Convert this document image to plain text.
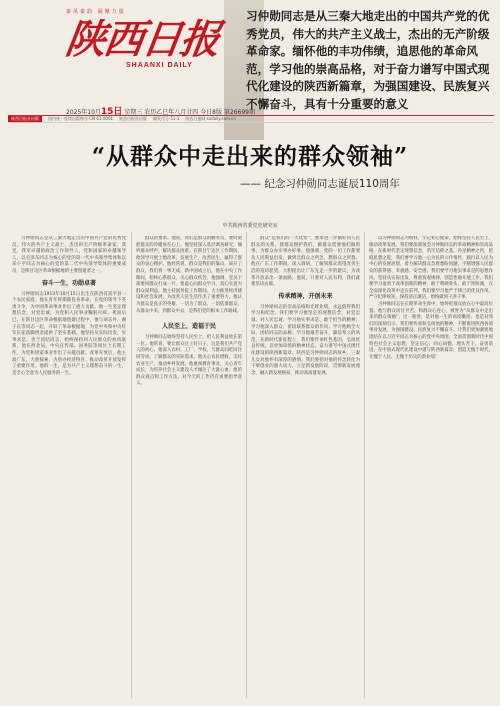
秦风秦韵 凝聚力量
陕西日报
SHAANXI DAILY
2025年10月15日 星期三 农历乙巳年八月廿四 今日8版 第26699期
习仲勋同志是从三秦大地走出的中国共产党的优秀党员，伟大的共产主义战士，杰出的无产阶级革命家。缅怀他的丰功伟绩，追思他的革命风范，学习他的崇高品格，对于奋力谱写中国式现代化建设的陕西新篇章，为强国建设、民族复兴不懈奋斗，具有十分重要的意义
陕西日报社出版	国内统一连续出版物号 CN 61-0001 陕西日报社出版 邮发代号 51-1 陕西日报网 sxdaily.com.cn
“从群众中走出来的群众领袖”
—— 纪念习仲勋同志诞辰110周年
中共陕西省委党史研究室

习仲勋同志是从三秦大地走出的中国共产党的优秀党员，伟大的共产主义战士，杰出的无产阶级革命家，我党、我军卓越的政治工作领导人，党和国家的卓越领导人，以毛泽东同志为核心的党的第一代中央领导集体和以邓小平同志为核心的党的第二代中央领导集体的重要成员，是陕甘边区革命根据地的主要创建者之一。

奋斗一生，功勋卓著

习仲勋同志1913年10月15日出生在陕西省富平县一个农民家庭。他在青年时期就投身革命，在党的领导下英勇斗争，为中国革命事业作出了重大贡献。他一生坚定理想信念，对党忠诚，为党和人民事业鞠躬尽瘁、死而后已。在陕甘边区革命根据地创建过程中，他与刘志丹、谢子长等同志一起，开辟了革命根据地，为党中央和中央红军长征落脚西北提供了坚实基础。他坚持从实际出发，实事求是，善于团结同志，始终保持同人民群众的血肉联系。他在西北局、中央宣传部、国务院等岗位上长期工作，为党和国家事业作出了卓越贡献。改革开放后，他主政广东，大胆探索，为创办经济特区、推动改革开放发挥了重要作用。他的一生，是为共产主义理想奋斗的一生，是全心全意为人民服务的一生。

群众的要求。他说，我们是群众的勤务员，要时刻把群众的冷暖放在心上。他坚持深入基层调查研究，倾听群众呼声，解决群众困难。在陕甘宁边区工作期间，他领导开展土地改革，发展生产，改善民生，赢得了群众的衷心拥护。他经常说，群众是我们的靠山，离开了群众，我们将一事无成。新中国成立后，他在中央工作期间，始终心系群众，关心群众疾苦。他强调，党员干部要同群众打成一片，要虚心向群众学习，真心实意为群众谋利益。他主持国务院工作期间，大力推进经济建设和社会发展，为改善人民生活作出了重要努力。他认为群众是真正的英雄，一切为了群众，一切依靠群众，从群众中来，到群众中去，是我们党的根本工作路线。

人民至上，造福于民

习仲勋同志始终坚持人民至上，把人民利益放在第一位。他常说，要让群众过上好日子，这是我们共产党人的初心。他深入农村、工厂、学校，与群众同吃同住同劳动，了解群众的实际需求。他关心农民增收，支持农业生产，推动乡村发展。他重视教育事业，关心青年成长，为培养社会主义建设人才倾注了大量心血。他的群众观点和工作方法，对今天的工作仍有重要指导意义。

群众“是我们的一大优势”，要求进一步搞好同人民群众的关系，使群众拥护我们，做群众需要他们做的事，为群众办实事办好事。他强调，党的一切工作都要从人民利益出发，做到急群众之所急，想群众之所想。他在广东工作期间，深入调研，了解到群众渴望改善生活的迫切愿望，大胆提出让广东先走一步的建议，为改革开放杀出一条血路。他说，只要对人民有利，我们就要坚决去做。

传承精神，开创未来

习仲勋同志的崇高品格和光辉业绩，永远值得我们学习和纪念。我们要学习他坚定的理想信念，对党忠诚、对人民忠诚；学习他实事求是、敢于担当的精神；学习他深入群众、密切联系群众的作风；学习他顾全大局、团结同志的品格；学习他艰苦奋斗、廉洁奉公的风范。在新时代新征程上，我们要传承红色基因，弘扬优良传统，以更加昂扬的精神状态，奋力谱写中国式现代化建设的陕西新篇章。陕西是习仲勋同志的故乡，三秦儿女对他怀有深厚的感情。我们要把对他的怀念转化为干事创业的强大动力，立足新发展阶段，贯彻新发展理念，融入新发展格局，推动高质量发展。

以习仲勋同志为榜样，牢记初心使命，始终坚持人民至上，推动改革发展。我们要深刻领会习仲勋同志的革命精神和崇高品格，在新时代坚定理想信念，筑牢信仰之基，补足精神之钙，把稳思想之舵。我们要学习他一心为民的公仆情怀，践行以人民为中心的发展思想，着力解决群众急难愁盼问题，不断增强人民群众的获得感、幸福感、安全感。我们要学习他实事求是的思想作风，坚持从实际出发，尊重客观规律，创造性地开展工作。我们要学习他勇于改革创新的精神，敢于啃硬骨头，敢于涉险滩，在全面深化改革中走在前列。我们要学习他严于律己的优良作风，严守纪律规矩，保持清正廉洁，始终做到干净干事。

习仲勋同志在长期革命生涯中，始终把群众放在心中最高位置。他与群众同甘共苦，和群众心连心，被誉为“从群众中走出来的群众领袖”。这一称誉，是对他一生的高度概括，也是对我们的深刻启示。我们要传承和弘扬他的精神，不断推进陕西各项事业发展，为强国建设、民族复兴不懈奋斗。让我们更加紧密地团结在以习近平同志为核心的党中央周围，全面贯彻新时代中国特色社会主义思想，坚定信心、同心同德，埋头苦干、奋勇前进，在中国式现代化建设中谱写陕西新篇章，创造无愧于时代、无愧于人民、无愧于历史的新业绩！
